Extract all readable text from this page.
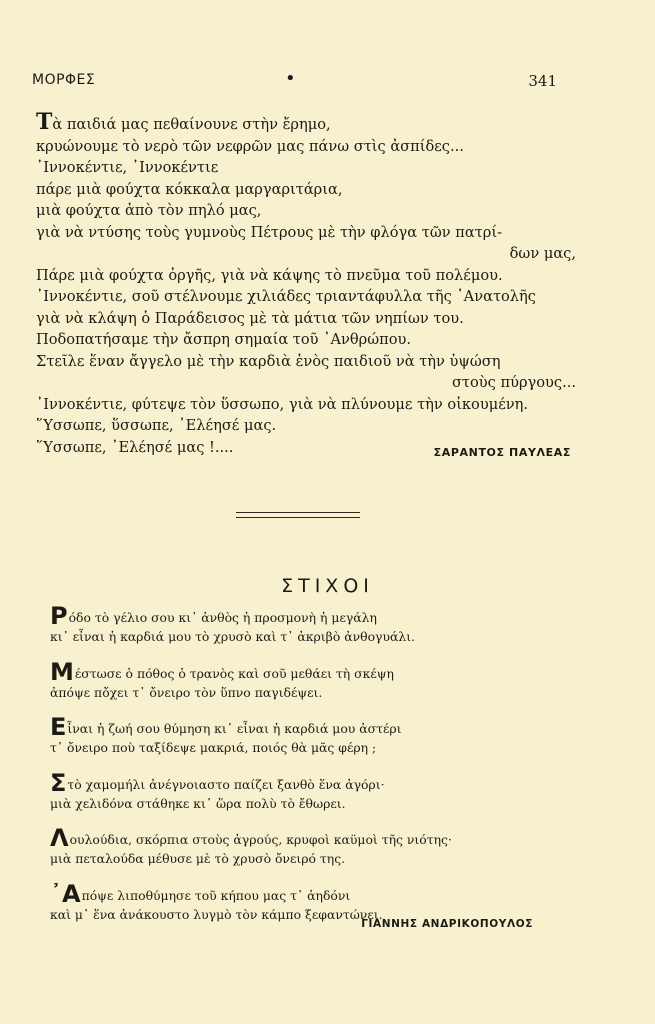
ΜΟΡΦΕΣ	•	341
Τὰ παιδιά μας πεθαίνουνε στὴν ἔρημο,
κρυώνουμε τὸ νερὸ τῶν νεφρῶν μας πάνω στὶς ἀσπίδες...
᾿Ιννοκέντιε, ᾿Ιννοκέντιε
πάρε μιὰ φούχτα κόκκαλα μαργαριτάρια,
μιὰ φούχτα ἀπὸ τὸν πηλό μας,
γιὰ νὰ ντύσης τοὺς γυμνοὺς Πέτρους μὲ τὴν φλόγα τῶν πατρί-
δων μας,
Πάρε μιὰ φούχτα ὀργῆς, γιὰ νὰ κάψης τὸ πνεῦμα τοῦ πολέμου.
᾿Ιννοκέντιε, σοῦ στέλνουμε χιλιάδες τριαντάφυλλα τῆς ᾿Ανατολῆς
γιὰ νὰ κλάψη ὁ Παράδεισος μὲ τὰ μάτια τῶν νηπίων του.
Ποδοπατήσαμε τὴν ἄσπρη σημαία τοῦ ᾿Ανθρώπου.
Στεῖλε ἕναν ἄγγελο μὲ τὴν καρδιὰ ἑνὸς παιδιοῦ νὰ τὴν ὑψώση
στοὺς πύργους...
᾿Ιννοκέντιε, φύτεψε τὸν ὕσσωπο, γιὰ νὰ πλύνουμε τὴν οἰκουμένη.
῞Υσσωπε, ὕσσωπε, ᾿Ελέησέ μας.
῞Υσσωπε, ᾿Ελέησέ μας !....	ΣΑΡΑΝΤΟΣ ΠΑΥΛΕΑΣ
ΣΤΙΧΟΙ
Ρόδο τὸ γέλιο σου κι᾿ ἀνθὸς ἡ προσμονὴ ἡ μεγάλη
κι᾿ εἶναι ἡ καρδιά μου τὸ χρυσὸ καὶ τ᾿ ἀκριβὸ ἀνθογυάλι.
Μέστωσε ὁ πόθος ὁ τρανὸς καὶ σοῦ μεθάει τὴ σκέψη
ἀπόψε πὄχει τ᾿ ὄνειρο τὸν ὕπνο παγιδέψει.
Εἶναι ἡ ζωή σου θύμηση κι᾿ εἶναι ἡ καρδιά μου ἀστέρι
τ᾿ ὄνειρο ποὺ ταξίδεψε μακριά, ποιός θὰ μᾶς φέρη ;
Στὸ χαμομήλι ἀνέγνοιαστο παίζει ξανθὸ ἕνα ἀγόρι·
μιὰ χελιδόνα στάθηκε κι᾿ ὥρα πολὺ τὸ ἔθωρει.
Λουλούδια, σκόρπια στοὺς ἀγρούς, κρυφοὶ καϋμοὶ τῆς νιότης·
μιὰ πεταλούδα μέθυσε μὲ τὸ χρυσὸ ὄνειρό της.
᾿Απόψε λιποθύμησε τοῦ κήπου μας τ᾿ ἀηδόνι
καὶ μ᾿ ἕνα ἀνάκουστο λυγμὸ τὸν κάμπο ξεφαντώνει.
ΓΙΑΝΝΗΣ ΑΝΔΡΙΚΟΠΟΥΛΟΣ
